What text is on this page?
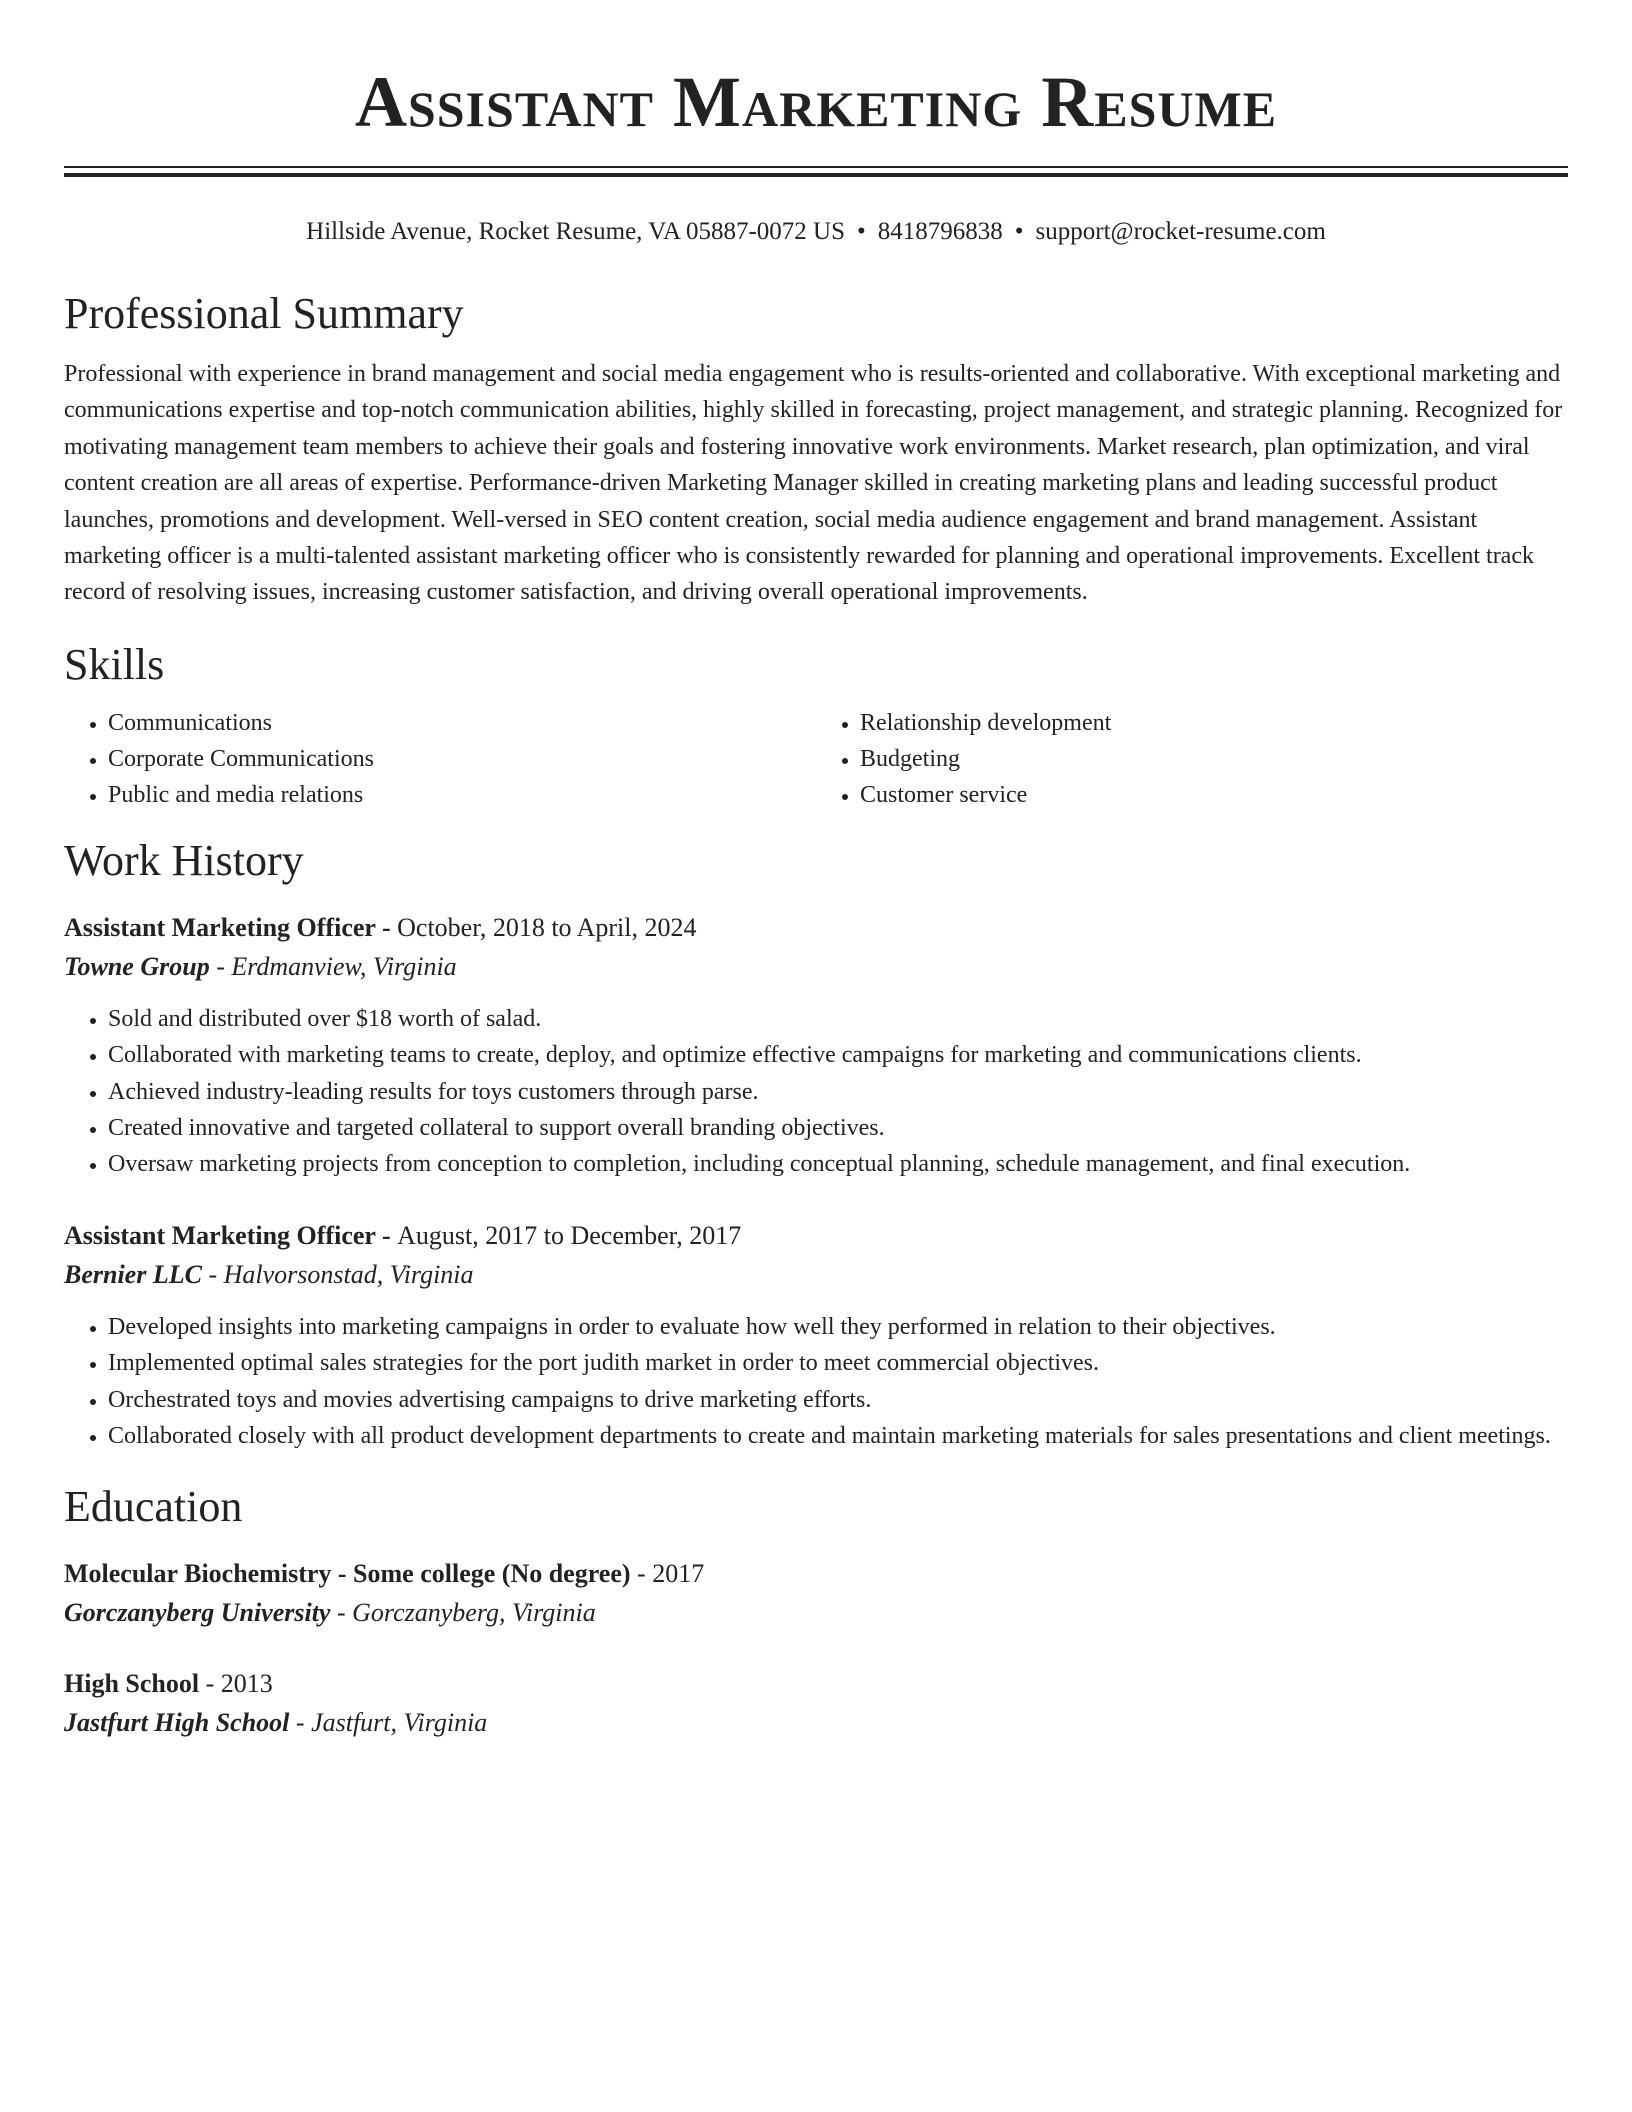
Assistant Marketing Resume
Hillside Avenue, Rocket Resume, VA 05887-0072 US • 8418796838 • support@rocket-resume.com
Professional Summary

Professional with experience in brand management and social media engagement who is results-oriented and collaborative. With exceptional marketing and communications expertise and top-notch communication abilities, highly skilled in forecasting, project management, and strategic planning. Recognized for motivating management team members to achieve their goals and fostering innovative work environments. Market research, plan optimization, and viral content creation are all areas of expertise. Performance-driven Marketing Manager skilled in creating marketing plans and leading successful product launches, promotions and development. Well-versed in SEO content creation, social media audience engagement and brand management. Assistant marketing officer is a multi-talented assistant marketing officer who is consistently rewarded for planning and operational improvements. Excellent track record of resolving issues, increasing customer satisfaction, and driving overall operational improvements.

Skills
• Communications
• Corporate Communications
• Public and media relations
• Relationship development
• Budgeting
• Customer service
Work History
Assistant Marketing Officer - October, 2018 to April, 2024
Towne Group - Erdmanview, Virginia
• Sold and distributed over $18 worth of salad.
• Collaborated with marketing teams to create, deploy, and optimize effective campaigns for marketing and communications clients.
• Achieved industry-leading results for toys customers through parse.
• Created innovative and targeted collateral to support overall branding objectives.
• Oversaw marketing projects from conception to completion, including conceptual planning, schedule management, and final execution.
Assistant Marketing Officer - August, 2017 to December, 2017
Bernier LLC - Halvorsonstad, Virginia
• Developed insights into marketing campaigns in order to evaluate how well they performed in relation to their objectives.
• Implemented optimal sales strategies for the port judith market in order to meet commercial objectives.
• Orchestrated toys and movies advertising campaigns to drive marketing efforts.
• Collaborated closely with all product development departments to create and maintain marketing materials for sales presentations and client meetings.
Education
Molecular Biochemistry - Some college (No degree) - 2017
Gorczanyberg University - Gorczanyberg, Virginia
High School - 2013
Jastfurt High School - Jastfurt, Virginia
